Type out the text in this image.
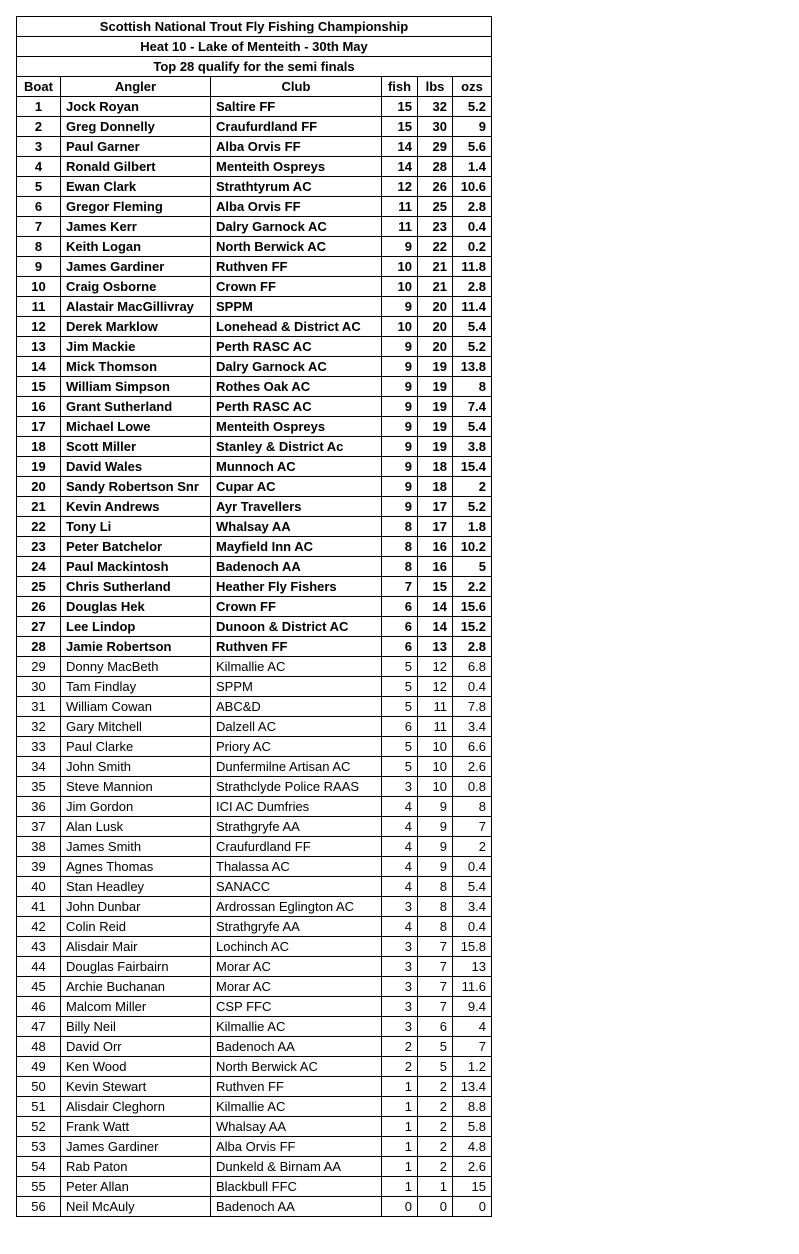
Scottish National Trout Fly Fishing Championship					
Heat 10 - Lake of Menteith - 30th May					
Top 28 qualify for the semi finals					
Boat	Angler	Club	fish	lbs	ozs
1	Jock Royan	Saltire FF	15	32	5.2
2	Greg Donnelly	Craufurdland FF	15	30	9
3	Paul Garner	Alba Orvis FF	14	29	5.6
4	Ronald Gilbert	Menteith Ospreys	14	28	1.4
5	Ewan Clark	Strathtyrum AC	12	26	10.6
6	Gregor Fleming	Alba Orvis FF	11	25	2.8
7	James Kerr	Dalry Garnock AC	11	23	0.4
8	Keith Logan	North Berwick AC	9	22	0.2
9	James Gardiner	Ruthven FF	10	21	11.8
10	Craig Osborne	Crown FF	10	21	2.8
11	Alastair MacGillivray	SPPM	9	20	11.4
12	Derek Marklow	Lonehead & District AC	10	20	5.4
13	Jim Mackie	Perth RASC AC	9	20	5.2
14	Mick Thomson	Dalry Garnock AC	9	19	13.8
15	William Simpson	Rothes Oak AC	9	19	8
16	Grant Sutherland	Perth RASC AC	9	19	7.4
17	Michael Lowe	Menteith Ospreys	9	19	5.4
18	Scott Miller	Stanley & District Ac	9	19	3.8
19	David Wales	Munnoch AC	9	18	15.4
20	Sandy Robertson Snr	Cupar AC	9	18	2
21	Kevin Andrews	Ayr Travellers	9	17	5.2
22	Tony Li	Whalsay AA	8	17	1.8
23	Peter Batchelor	Mayfield Inn AC	8	16	10.2
24	Paul Mackintosh	Badenoch AA	8	16	5
25	Chris Sutherland	Heather Fly Fishers	7	15	2.2
26	Douglas Hek	Crown FF	6	14	15.6
27	Lee Lindop	Dunoon & District AC	6	14	15.2
28	Jamie Robertson	Ruthven FF	6	13	2.8
29	Donny MacBeth	Kilmallie AC	5	12	6.8
30	Tam Findlay	SPPM	5	12	0.4
31	William Cowan	ABC&D	5	11	7.8
32	Gary Mitchell	Dalzell AC	6	11	3.4
33	Paul Clarke	Priory AC	5	10	6.6
34	John Smith	Dunfermilne Artisan AC	5	10	2.6
35	Steve Mannion	Strathclyde Police RAAS	3	10	0.8
36	Jim Gordon	ICI AC Dumfries	4	9	8
37	Alan Lusk	Strathgryfe AA	4	9	7
38	James Smith	Craufurdland FF	4	9	2
39	Agnes Thomas	Thalassa AC	4	9	0.4
40	Stan Headley	SANACC	4	8	5.4
41	John Dunbar	Ardrossan Eglington AC	3	8	3.4
42	Colin Reid	Strathgryfe AA	4	8	0.4
43	Alisdair Mair	Lochinch AC	3	7	15.8
44	Douglas Fairbairn	Morar AC	3	7	13
45	Archie Buchanan	Morar AC	3	7	11.6
46	Malcom Miller	CSP FFC	3	7	9.4
47	Billy Neil	Kilmallie AC	3	6	4
48	David Orr	Badenoch AA	2	5	7
49	Ken Wood	North Berwick AC	2	5	1.2
50	Kevin Stewart	Ruthven FF	1	2	13.4
51	Alisdair Cleghorn	Kilmallie AC	1	2	8.8
52	Frank Watt	Whalsay AA	1	2	5.8
53	James Gardiner	Alba Orvis FF	1	2	4.8
54	Rab Paton	Dunkeld & Birnam AA	1	2	2.6
55	Peter Allan	Blackbull FFC	1	1	15
56	Neil McAuly	Badenoch AA	0	0	0
